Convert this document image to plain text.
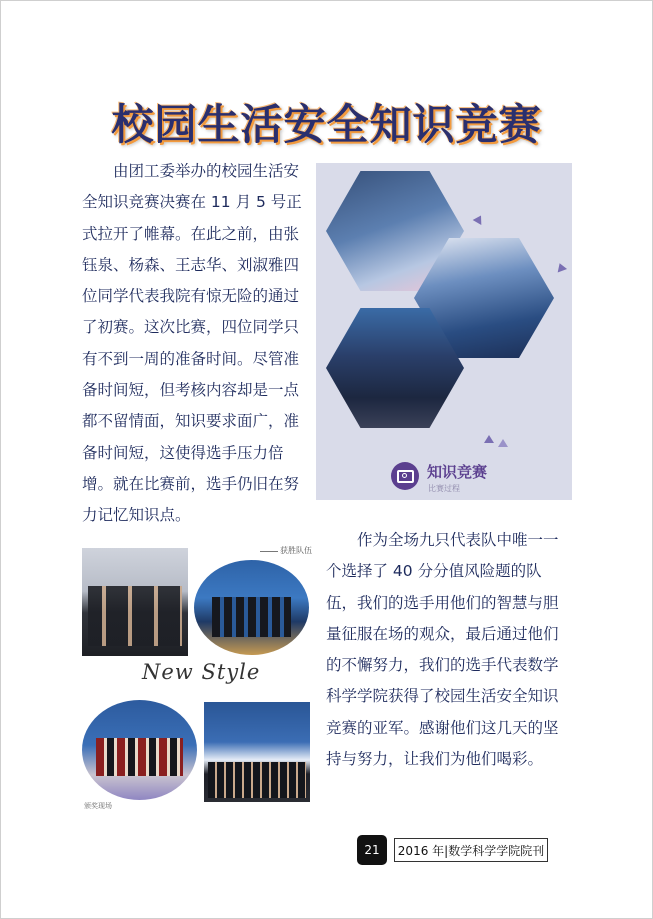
校园生活安全知识竞赛

由团工委举办的校园生活安全知识竞赛决赛在 11 月 5 号正式拉开了帷幕。在此之前，由张钰泉、杨森、王志华、刘淑雅四位同学代表我院有惊无险的通过了初赛。这次比赛，四位同学只有不到一周的准备时间。尽管准备时间短，但考核内容却是一点都不留情面，知识要求面广，准备时间短，这使得选手压力倍增。就在比赛前，选手仍旧在努力记忆知识点。

知识竞赛
比赛过程
获胜队伍
New Style
颁奖现场

作为全场九只代表队中唯一一个选择了 40 分分值风险题的队伍，我们的选手用他们的智慧与胆量征服在场的观众，最后通过他们的不懈努力，我们的选手代表数学科学学院获得了校园生活安全知识竞赛的亚军。感谢他们这几天的坚持与努力，让我们为他们喝彩。

21	2016 年|数学科学学院院刊
